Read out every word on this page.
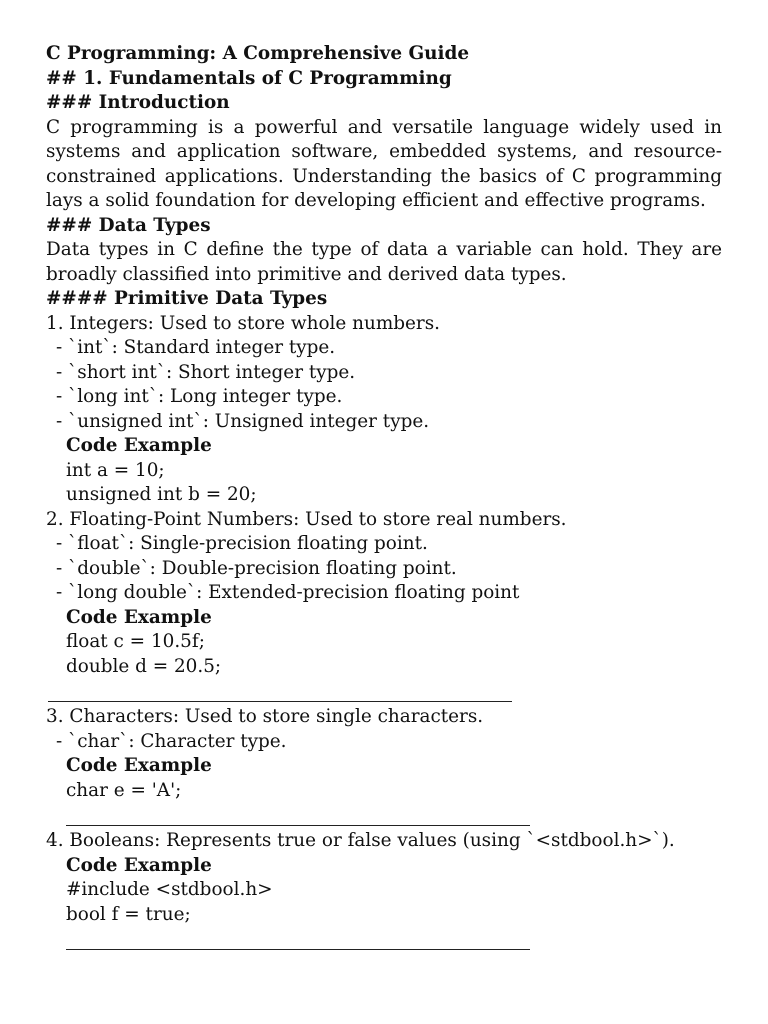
C Programming: A Comprehensive Guide

## 1. Fundamentals of C Programming

### Introduction

C programming is a powerful and versatile language widely used in systems and application software, embedded systems, and resource-constrained applications. Understanding the basics of C programming lays a solid foundation for developing efficient and effective programs.

### Data Types

Data types in C define the type of data a variable can hold. They are broadly classified into primitive and derived data types.

#### Primitive Data Types

1. Integers: Used to store whole numbers.

- `int`: Standard integer type.

- `short int`: Short integer type.

- `long int`: Long integer type.

- `unsigned int`: Unsigned integer type.

Code Example

int a = 10;

unsigned int b = 20;

2. Floating-Point Numbers: Used to store real numbers.

- `float`: Single-precision floating point.

- `double`: Double-precision floating point.

- `long double`: Extended-precision floating point

Code Example

float c = 10.5f;

double d = 20.5;

3. Characters: Used to store single characters.

- `char`: Character type.

Code Example

char e = 'A';

4. Booleans: Represents true or false values (using `<stdbool.h>`).

Code Example

#include <stdbool.h>

bool f = true;
